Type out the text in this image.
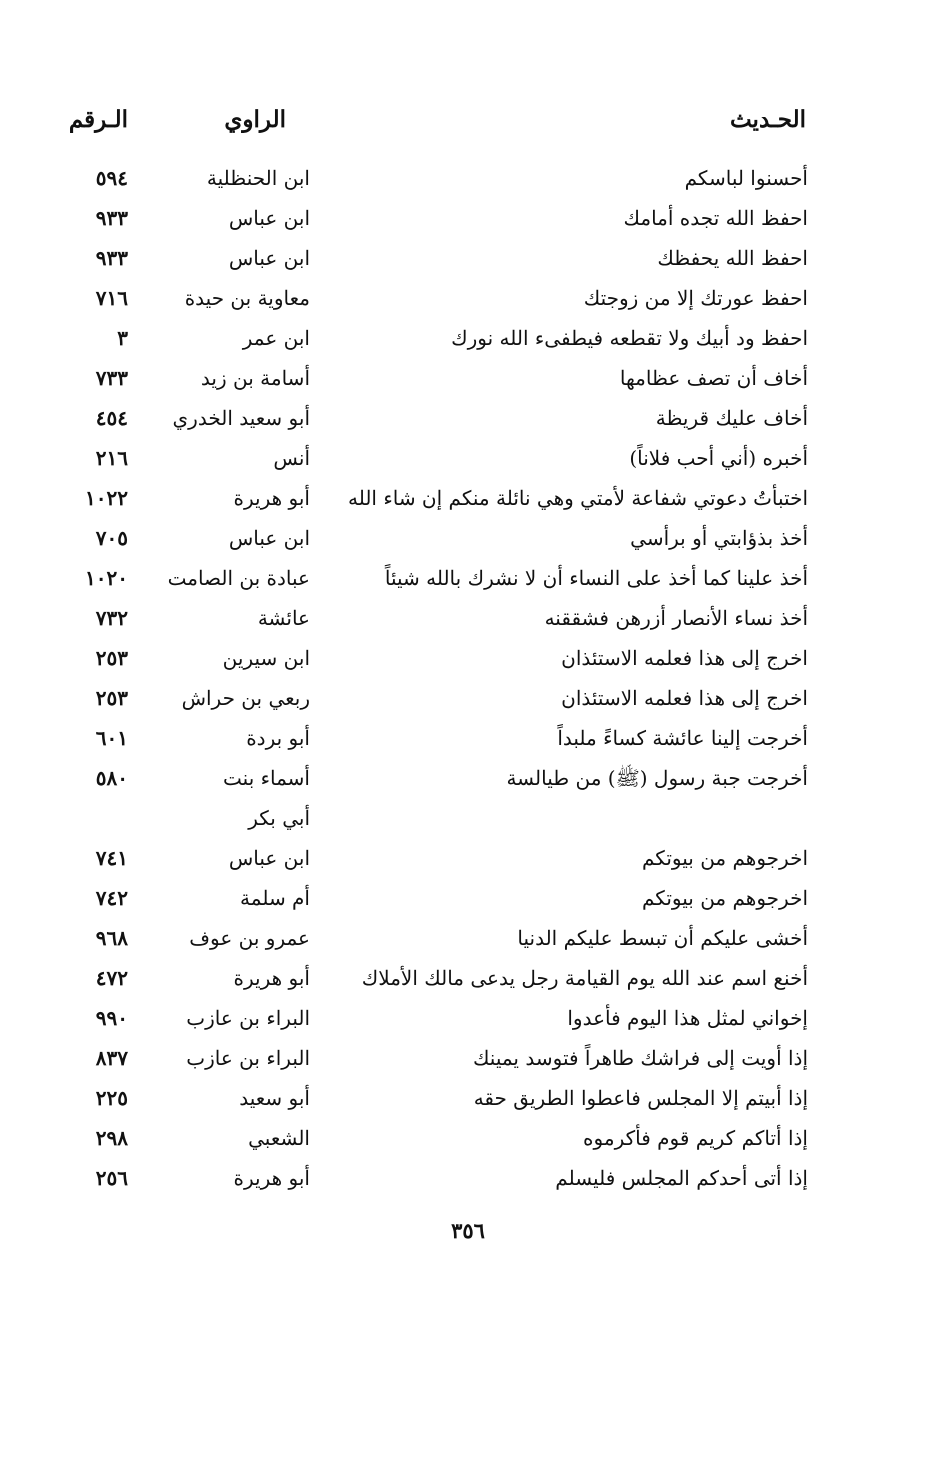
الحـديث
الراوي
الـرقم
أحسنوا لباسكم
ابن الحنظلية
٥٩٤
احفظ الله تجده أمامك
ابن عباس
٩٣٣
احفظ الله يحفظك
ابن عباس
٩٣٣
احفظ عورتك إلا من زوجتك
معاوية بن حيدة
٧١٦
احفظ ود أبيك ولا تقطعه فيطفىء الله نورك
ابن عمر
٣
أخاف أن تصف عظامها
أسامة بن زيد
٧٣٣
أخاف عليك قريظة
أبو سعيد الخدري
٤٥٤
أخبره (أني أحب فلاناً)
أنس
٢١٦
اختبأتُ دعوتي شفاعة لأمتي وهي نائلة منكم إن شاء الله
أبو هريرة
١٠٢٢
أخذ بذؤابتي أو برأسي
ابن عباس
٧٠٥
أخذ علينا كما أخذ على النساء أن لا نشرك بالله شيئاً
عبادة بن الصامت
١٠٢٠
أخذ نساء الأنصار أزرهن فشققنه
عائشة
٧٣٢
اخرج إلى هذا فعلمه الاستئذان
ابن سيرين
٢٥٣
اخرج إلى هذا فعلمه الاستئذان
ربعي بن حراش
٢٥٣
أخرجت إلينا عائشة كساءً ملبداً
أبو بردة
٦٠١
أخرجت جبة رسول (ﷺ) من طيالسة
أسماء بنت
٥٨٠
أبي بكر
اخرجوهم من بيوتكم
ابن عباس
٧٤١
اخرجوهم من بيوتكم
أم سلمة
٧٤٢
أخشى عليكم أن تبسط عليكم الدنيا
عمرو بن عوف
٩٦٨
أخنع اسم عند الله يوم القيامة رجل يدعى مالك الأملاك
أبو هريرة
٤٧٢
إخواني لمثل هذا اليوم فأعدوا
البراء بن عازب
٩٩٠
إذا أويت إلى فراشك طاهراً فتوسد يمينك
البراء بن عازب
٨٣٧
إذا أبيتم إلا المجلس فاعطوا الطريق حقه
أبو سعيد
٢٢٥
إذا أتاكم كريم قوم فأكرموه
الشعبي
٢٩٨
إذا أتى أحدكم المجلس فليسلم
أبو هريرة
٢٥٦
٣٥٦
